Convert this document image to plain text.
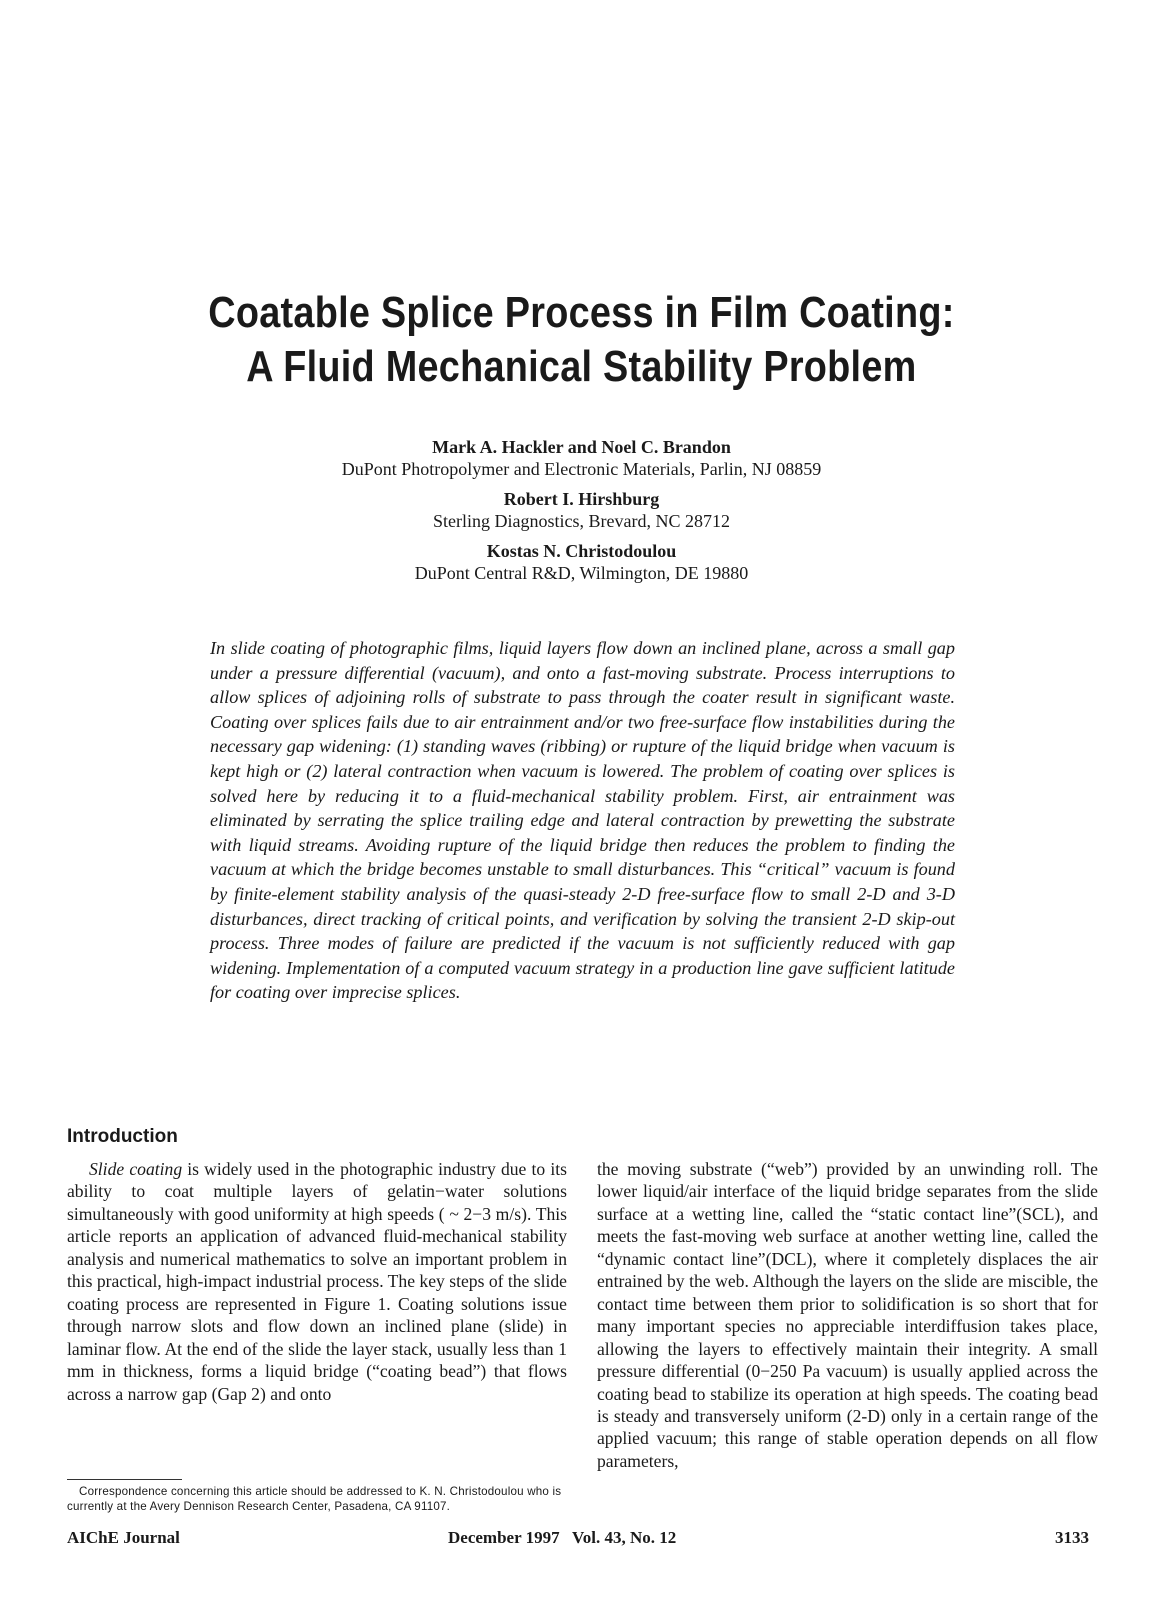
Coatable Splice Process in Film Coating:
A Fluid Mechanical Stability Problem
Mark A. Hackler and Noel C. Brandon
DuPont Photropolymer and Electronic Materials, Parlin, NJ 08859
Robert I. Hirshburg
Sterling Diagnostics, Brevard, NC 28712
Kostas N. Christodoulou
DuPont Central R&D, Wilmington, DE 19880

In slide coating of photographic films, liquid layers flow down an inclined plane, across a small gap under a pressure differential (vacuum), and onto a fast-moving substrate. Process interruptions to allow splices of adjoining rolls of substrate to pass through the coater result in significant waste. Coating over splices fails due to air entrainment and/or two free-surface flow instabilities during the necessary gap widening: (1) standing waves (ribbing) or rupture of the liquid bridge when vacuum is kept high or (2) lateral contraction when vacuum is lowered. The problem of coating over splices is solved here by reducing it to a fluid-mechanical stability problem. First, air entrainment was eliminated by serrating the splice trailing edge and lateral contraction by prewetting the substrate with liquid streams. Avoiding rupture of the liquid bridge then reduces the problem to finding the vacuum at which the bridge becomes unstable to small disturbances. This “critical” vacuum is found by finite-element stability analysis of the quasi-steady 2-D free-surface flow to small 2-D and 3-D disturbances, direct tracking of critical points, and verification by solving the transient 2-D skip-out process. Three modes of failure are predicted if the vacuum is not sufficiently reduced with gap widening. Implementation of a computed vacuum strategy in a production line gave sufficient latitude for coating over imprecise splices.

Introduction

Slide coating is widely used in the photographic industry due to its ability to coat multiple layers of gelatin−water solutions simultaneously with good uniformity at high speeds ( ~ 2−3 m/s). This article reports an application of advanced fluid-mechanical stability analysis and numerical mathematics to solve an important problem in this practical, high-impact industrial process. The key steps of the slide coating process are represented in Figure 1. Coating solutions issue through narrow slots and flow down an inclined plane (slide) in laminar flow. At the end of the slide the layer stack, usually less than 1 mm in thickness, forms a liquid bridge (“coating bead”) that flows across a narrow gap (Gap 2) and onto

the moving substrate (“web”) provided by an unwinding roll. The lower liquid/air interface of the liquid bridge separates from the slide surface at a wetting line, called the “static contact line”(SCL), and meets the fast-moving web surface at another wetting line, called the “dynamic contact line”(DCL), where it completely displaces the air entrained by the web. Although the layers on the slide are miscible, the contact time between them prior to solidification is so short that for many important species no appreciable interdiffusion takes place, allowing the layers to effectively maintain their integrity. A small pressure differential (0−250 Pa vacuum) is usually applied across the coating bead to stabilize its operation at high speeds. The coating bead is steady and transversely uniform (2-D) only in a certain range of the applied vacuum; this range of stable operation depends on all flow parameters,

Correspondence concerning this article should be addressed to K. N. Christodoulou who is currently at the Avery Dennison Research Center, Pasadena, CA 91107.

AIChE Journal	December 1997   Vol. 43, No. 12	3133
